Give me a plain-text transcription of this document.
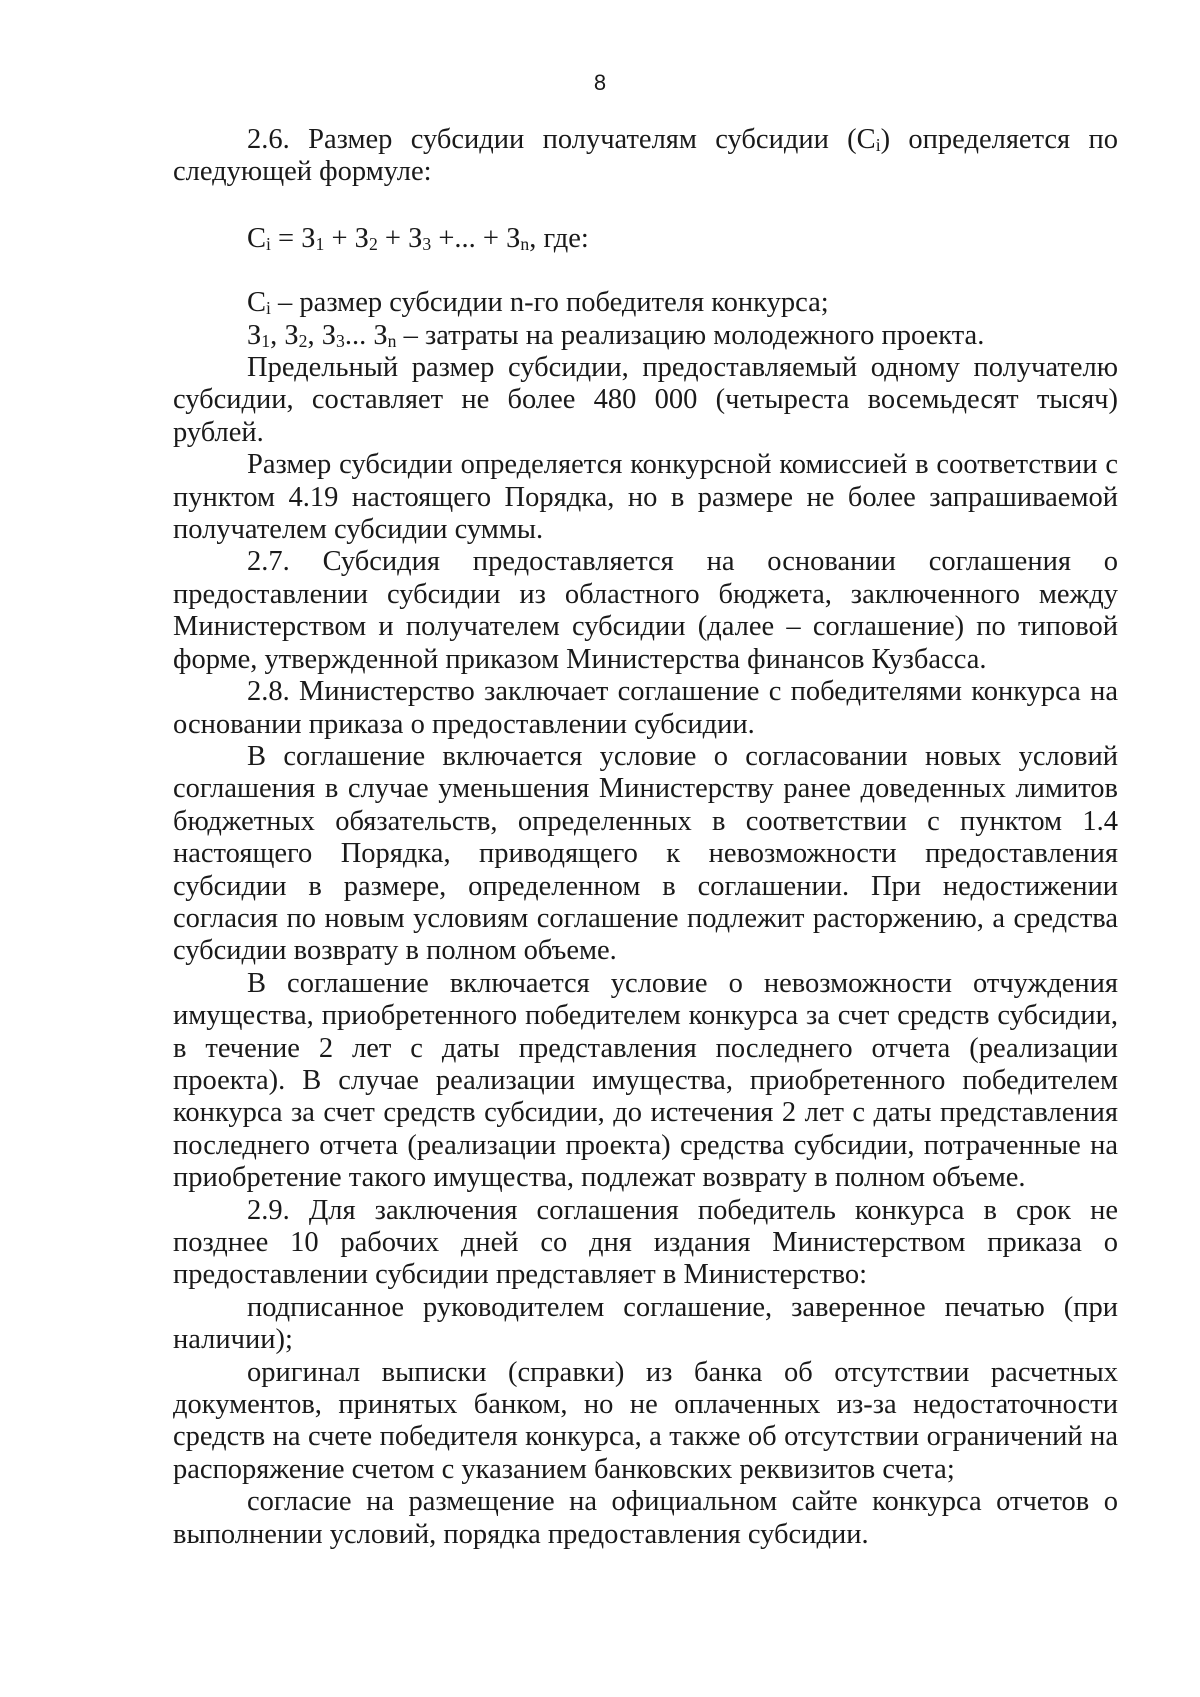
8

2.6. Размер субсидии получателям субсидии $(С_i)$ определяется по следующей формуле:

$С_i = З_1 + З_2 + З_3$ +... + $З_n$, где:

$С_i$ – размер субсидии n-го победителя конкурса;

$З_1$, $З_2$, $З_3$... $З_n$ – затраты на реализацию молодежного проекта.

Предельный размер субсидии, предоставляемый одному получателю субсидии, составляет не более 480 000 (четыреста восемьдесят тысяч) рублей.

Размер субсидии определяется конкурсной комиссией в соответствии с пунктом 4.19 настоящего Порядка, но в размере не более запрашиваемой получателем субсидии суммы.

2.7. Субсидия предоставляется на основании соглашения о предоставлении субсидии из областного бюджета, заключенного между Министерством и получателем субсидии (далее – соглашение) по типовой форме, утвержденной приказом Министерства финансов Кузбасса.

2.8. Министерство заключает соглашение с победителями конкурса на основании приказа о предоставлении субсидии.

В соглашение включается условие о согласовании новых условий соглашения в случае уменьшения Министерству ранее доведенных лимитов бюджетных обязательств, определенных в соответствии с пунктом 1.4 настоящего Порядка, приводящего к невозможности предоставления субсидии в размере, определенном в соглашении. При недостижении согласия по новым условиям соглашение подлежит расторжению, а средства субсидии возврату в полном объеме.

В соглашение включается условие о невозможности отчуждения имущества, приобретенного победителем конкурса за счет средств субсидии, в течение 2 лет с даты представления последнего отчета (реализации проекта). В случае реализации имущества, приобретенного победителем конкурса за счет средств субсидии, до истечения 2 лет с даты представления последнего отчета (реализации проекта) средства субсидии, потраченные на приобретение такого имущества, подлежат возврату в полном объеме.

2.9. Для заключения соглашения победитель конкурса в срок не позднее 10 рабочих дней со дня издания Министерством приказа о предоставлении субсидии представляет в Министерство:

подписанное руководителем соглашение, заверенное печатью (при наличии);

оригинал выписки (справки) из банка об отсутствии расчетных документов, принятых банком, но не оплаченных из-за недостаточности средств на счете победителя конкурса, а также об отсутствии ограничений на распоряжение счетом с указанием банковских реквизитов счета;

согласие на размещение на официальном сайте конкурса отчетов о выполнении условий, порядка предоставления субсидии.
